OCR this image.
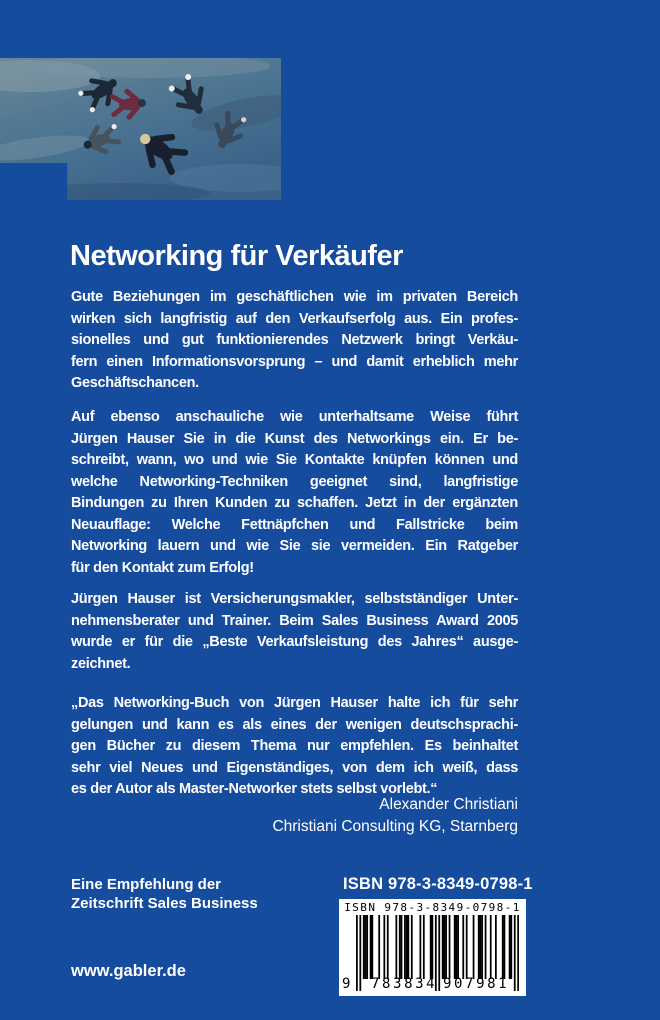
Networking für Verkäufer
Gute Beziehungen im geschäftlichen wie im privaten Bereich
wirken sich langfristig auf den Verkaufserfolg aus. Ein profes-
sionelles und gut funktionierendes Netzwerk bringt Verkäu-
fern einen Informationsvorsprung – und damit erheblich mehr
Geschäftschancen.
Auf ebenso anschauliche wie unterhaltsame Weise führt
Jürgen Hauser Sie in die Kunst des Networkings ein. Er be-
schreibt, wann, wo und wie Sie Kontakte knüpfen können und
welche Networking-Techniken geeignet sind, langfristige
Bindungen zu Ihren Kunden zu schaffen. Jetzt in der ergänzten
Neuauflage: Welche Fettnäpfchen und Fallstricke beim
Networking lauern und wie Sie sie vermeiden. Ein Ratgeber
für den Kontakt zum Erfolg!
Jürgen Hauser ist Versicherungsmakler, selbstständiger Unter-
nehmensberater und Trainer. Beim Sales Business Award 2005
wurde er für die „Beste Verkaufsleistung des Jahres“ ausge-
zeichnet.
„Das Networking-Buch von Jürgen Hauser halte ich für sehr
gelungen und kann es als eines der wenigen deutschsprachi-
gen Bücher zu diesem Thema nur empfehlen. Es beinhaltet
sehr viel Neues und Eigenständiges, von dem ich weiß, dass
es der Autor als Master-Networker stets selbst vorlebt.“
Alexander Christiani
Christiani Consulting KG, Starnberg
Eine Empfehlung der
Zeitschrift Sales Business
www.gabler.de
ISBN 978-3-8349-0798-1
ISBN 978-3-8349-0798-1
9 783834 907981
